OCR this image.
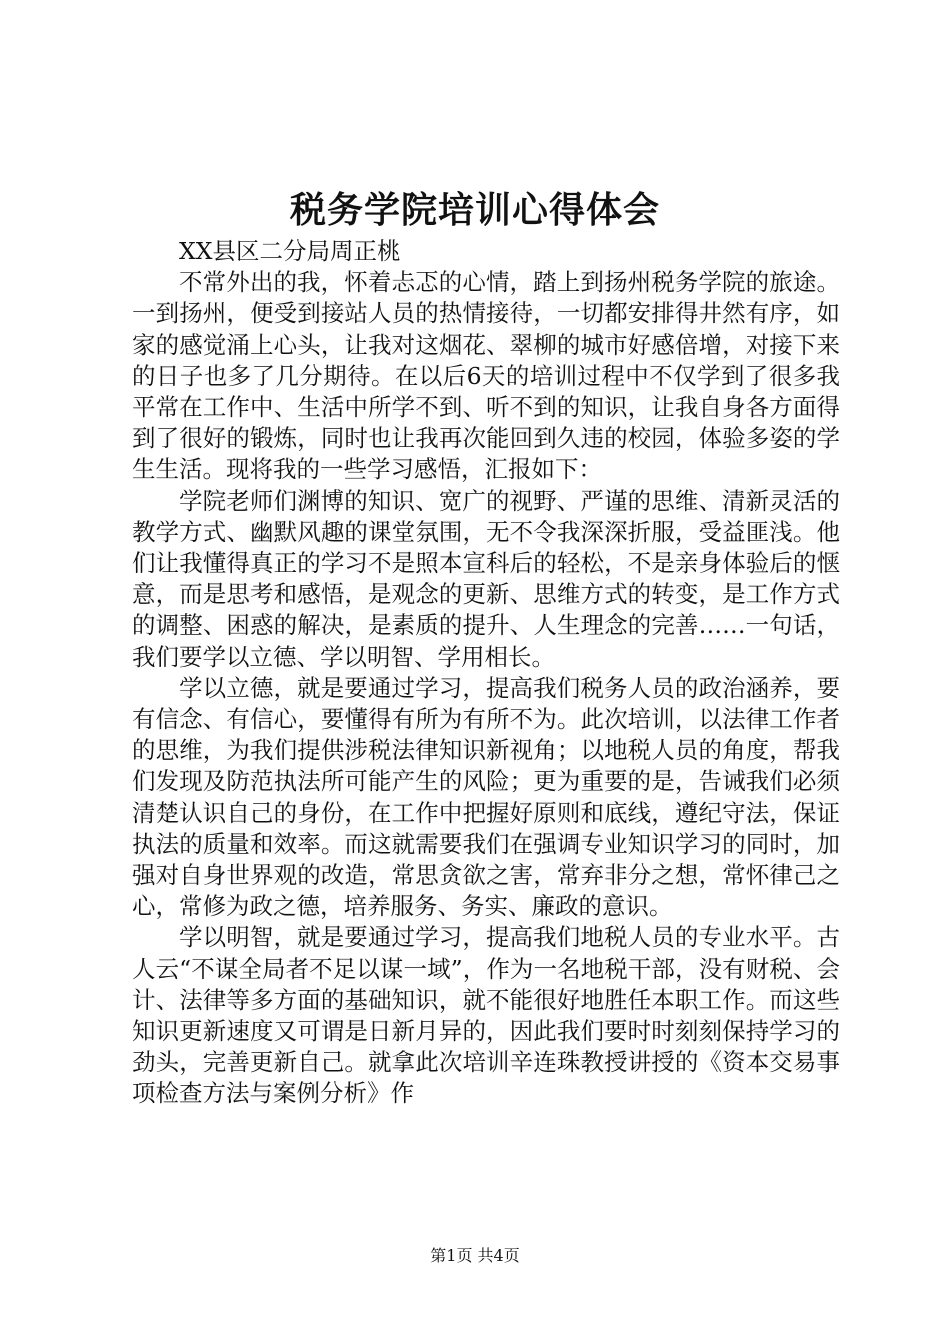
税务学院培训心得体会

XX县区二分局周正桃

不常外出的我，怀着忐忑的心情，踏上到扬州税务学院的旅途。一到扬州，便受到接站人员的热情接待，一切都安排得井然有序，如家的感觉涌上心头，让我对这烟花、翠柳的城市好感倍增，对接下来的日子也多了几分期待。在以后6天的培训过程中不仅学到了很多我平常在工作中、生活中所学不到、听不到的知识，让我自身各方面得到了很好的锻炼，同时也让我再次能回到久违的校园，体验多姿的学生生活。现将我的一些学习感悟，汇报如下：

学院老师们渊博的知识、宽广的视野、严谨的思维、清新灵活的教学方式、幽默风趣的课堂氛围，无不令我深深折服，受益匪浅。他们让我懂得真正的学习不是照本宣科后的轻松，不是亲身体验后的惬意，而是思考和感悟，是观念的更新、思维方式的转变，是工作方式的调整、困惑的解决，是素质的提升、人生理念的完善……一句话，我们要学以立德、学以明智、学用相长。

学以立德，就是要通过学习，提高我们税务人员的政治涵养，要有信念、有信心，要懂得有所为有所不为。此次培训，以法律工作者的思维，为我们提供涉税法律知识新视角；以地税人员的角度，帮我们发现及防范执法所可能产生的风险；更为重要的是，告诫我们必须清楚认识自己的身份，在工作中把握好原则和底线，遵纪守法，保证执法的质量和效率。而这就需要我们在强调专业知识学习的同时，加强对自身世界观的改造，常思贪欲之害，常弃非分之想，常怀律己之心，常修为政之德，培养服务、务实、廉政的意识。

学以明智，就是要通过学习，提高我们地税人员的专业水平。古人云“不谋全局者不足以谋一域”，作为一名地税干部，没有财税、会计、法律等多方面的基础知识，就不能很好地胜任本职工作。而这些知识更新速度又可谓是日新月异的，因此我们要时时刻刻保持学习的劲头，完善更新自己。就拿此次培训辛连珠教授讲授的《资本交易事项检查方法与案例分析》作

第1页 共4页
